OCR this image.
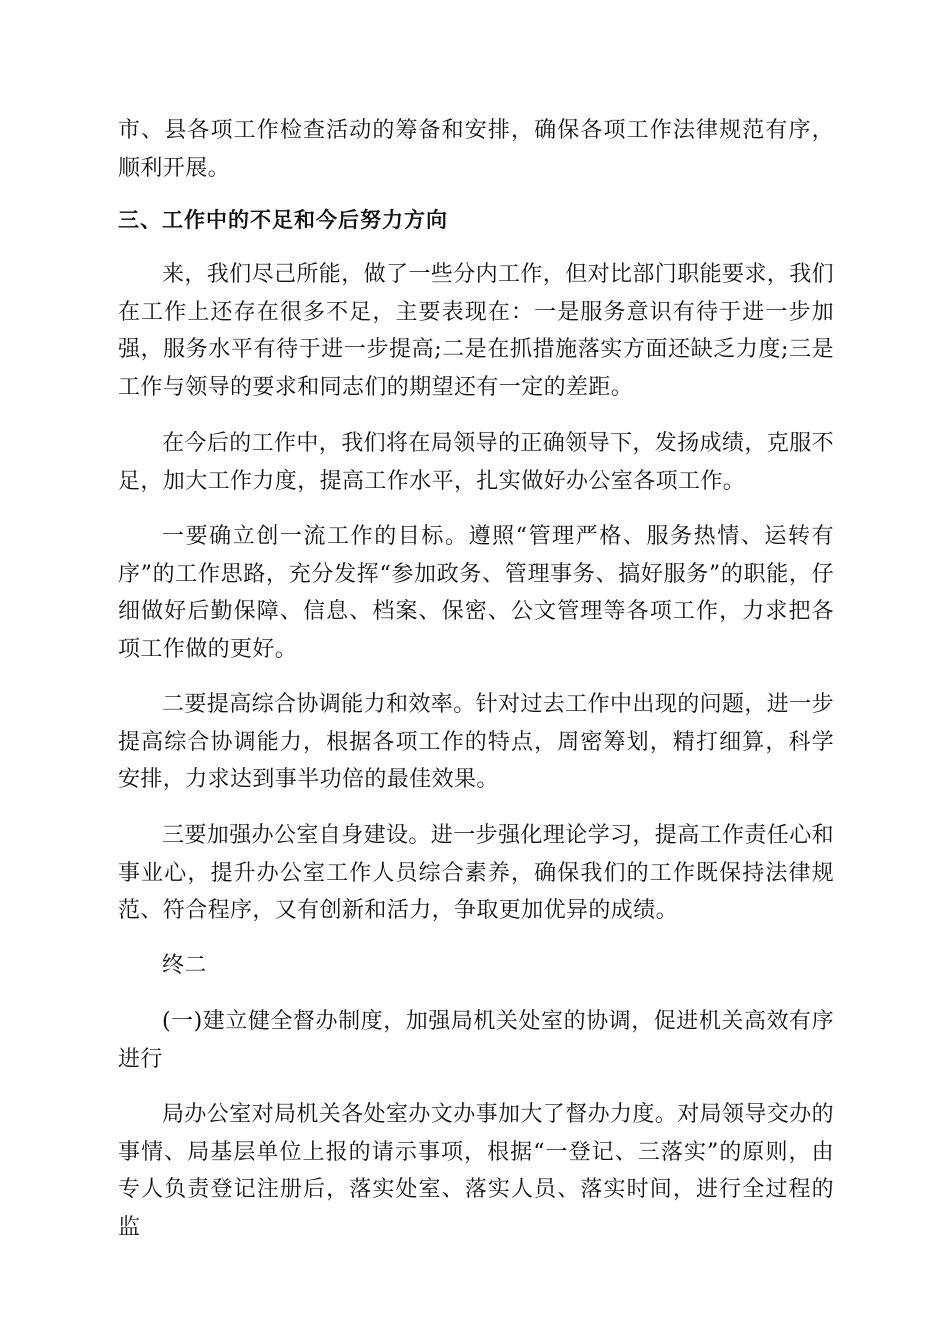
市、县各项工作检查活动的筹备和安排，确保各项工作法律规范有序，顺利开展。

三、工作中的不足和今后努力方向

来，我们尽己所能，做了一些分内工作，但对比部门职能要求，我们在工作上还存在很多不足，主要表现在：一是服务意识有待于进一步加强，服务水平有待于进一步提高;二是在抓措施落实方面还缺乏力度;三是工作与领导的要求和同志们的期望还有一定的差距。

在今后的工作中，我们将在局领导的正确领导下，发扬成绩，克服不足，加大工作力度，提高工作水平，扎实做好办公室各项工作。

一要确立创一流工作的目标。遵照“管理严格、服务热情、运转有序”的工作思路，充分发挥“参加政务、管理事务、搞好服务”的职能，仔细做好后勤保障、信息、档案、保密、公文管理等各项工作，力求把各项工作做的更好。

二要提高综合协调能力和效率。针对过去工作中出现的问题，进一步提高综合协调能力，根据各项工作的特点，周密筹划，精打细算，科学安排，力求达到事半功倍的最佳效果。

三要加强办公室自身建设。进一步强化理论学习，提高工作责任心和事业心，提升办公室工作人员综合素养，确保我们的工作既保持法律规范、符合程序，又有创新和活力，争取更加优异的成绩。

终二

(一)建立健全督办制度，加强局机关处室的协调，促进机关高效有序进行

局办公室对局机关各处室办文办事加大了督办力度。对局领导交办的事情、局基层单位上报的请示事项，根据“一登记、三落实”的原则，由专人负责登记注册后，落实处室、落实人员、落实时间，进行全过程的监
